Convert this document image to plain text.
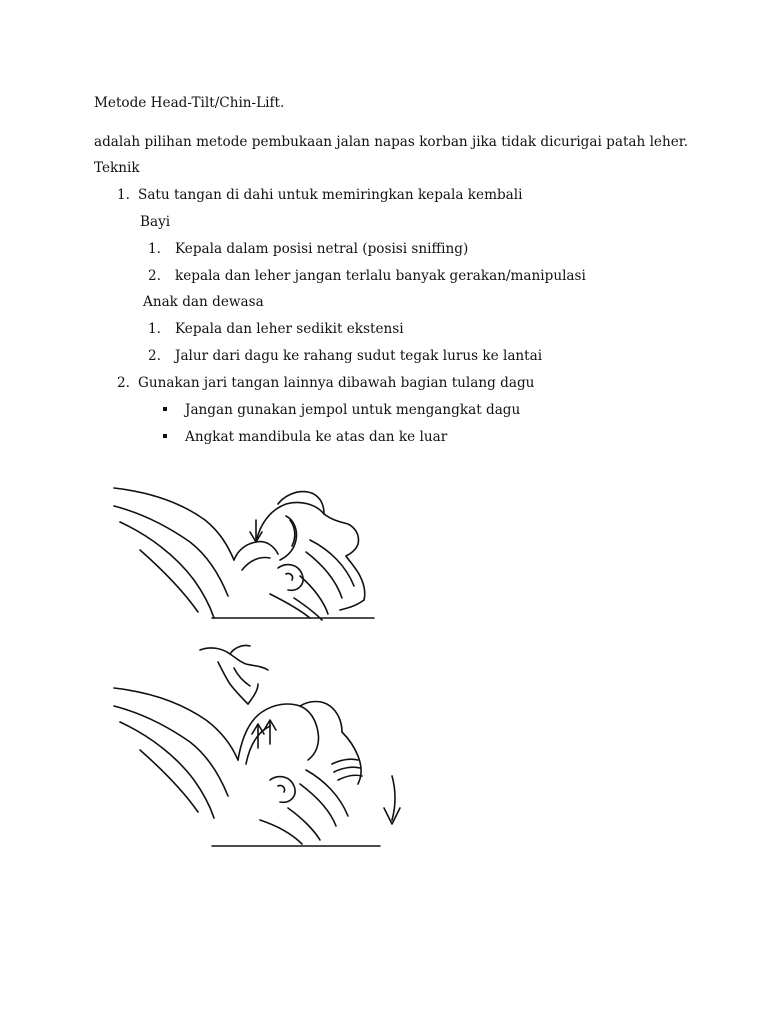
Metode Head-Tilt/Chin-Lift.
adalah pilihan metode pembukaan jalan napas korban jika tidak dicurigai patah leher.
Teknik
1. Satu tangan di dahi untuk memiringkan kepala kembali
Bayi
1. Kepala dalam posisi netral (posisi sniffing)
2. kepala dan leher jangan terlalu banyak gerakan/manipulasi
Anak dan dewasa
1. Kepala dan leher sedikit ekstensi
2. Jalur dari dagu ke rahang sudut tegak lurus ke lantai
2. Gunakan jari tangan lainnya dibawah bagian tulang dagu
Jangan gunakan jempol untuk mengangkat dagu
Angkat mandibula ke atas dan ke luar
